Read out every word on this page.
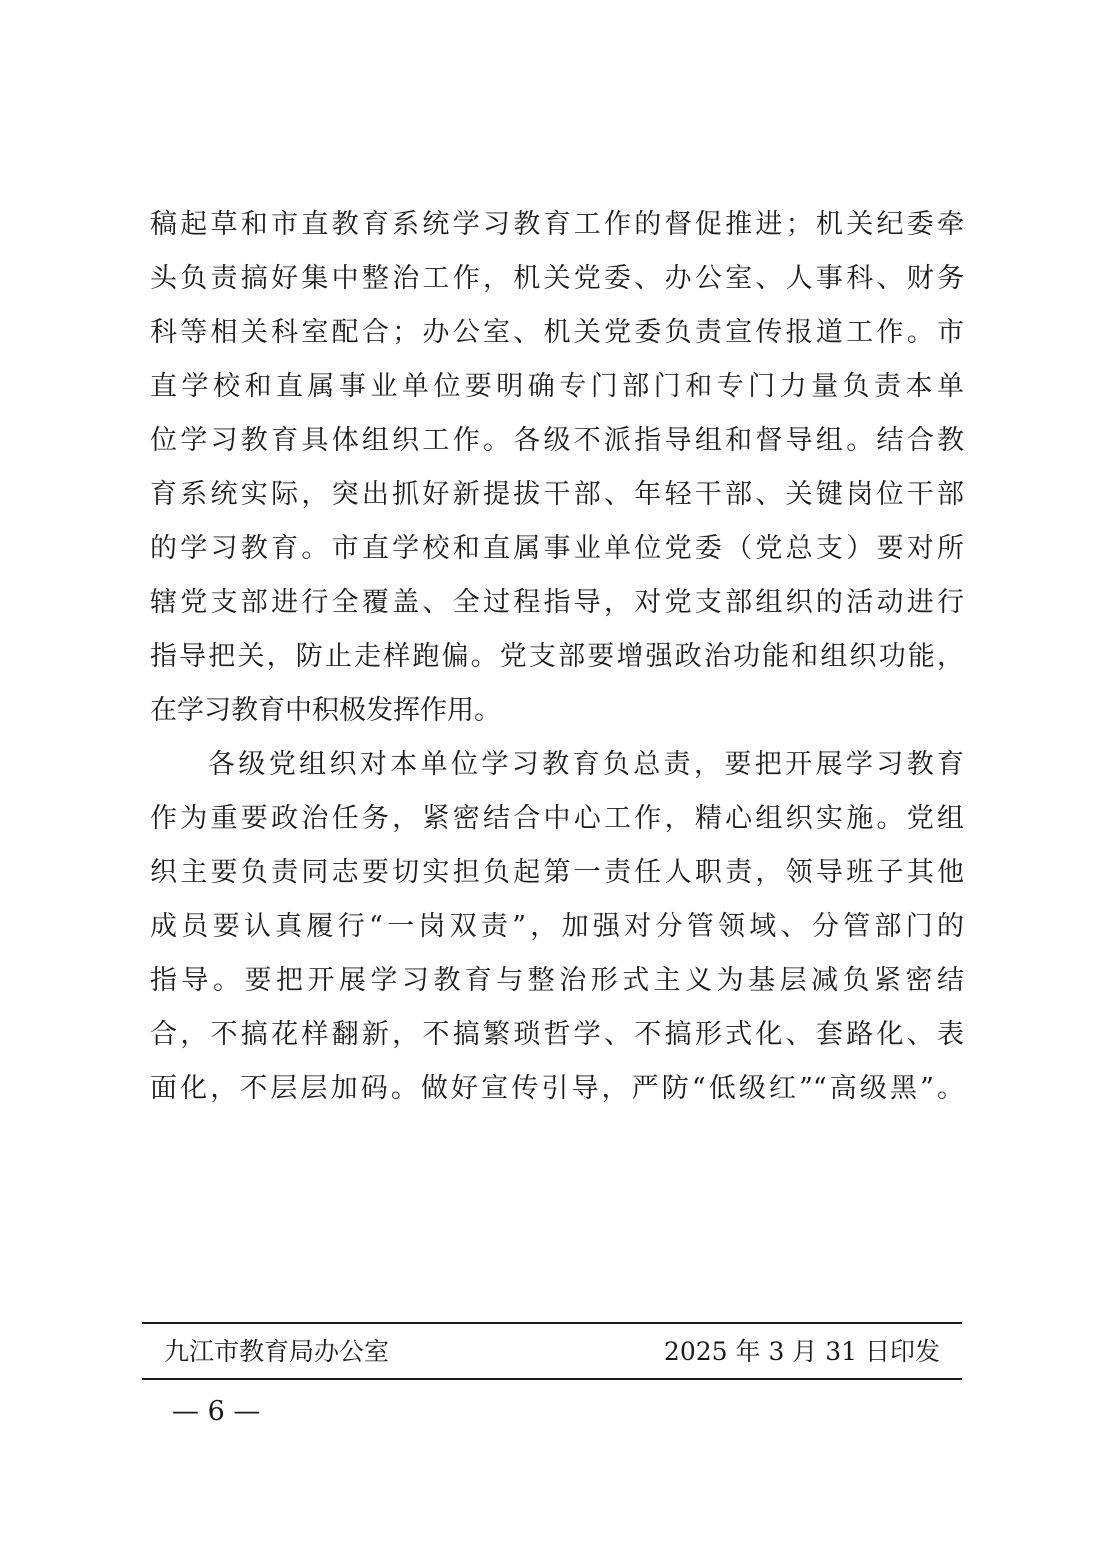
稿起草和市直教育系统学习教育工作的督促推进；机关纪委牵
头负责搞好集中整治工作，机关党委、办公室、人事科、财务
科等相关科室配合；办公室、机关党委负责宣传报道工作。市
直学校和直属事业单位要明确专门部门和专门力量负责本单
位学习教育具体组织工作。各级不派指导组和督导组。结合教
育系统实际，突出抓好新提拔干部、年轻干部、关键岗位干部
的学习教育。市直学校和直属事业单位党委（党总支）要对所
辖党支部进行全覆盖、全过程指导，对党支部组织的活动进行
指导把关，防止走样跑偏。党支部要增强政治功能和组织功能，
在学习教育中积极发挥作用。
各级党组织对本单位学习教育负总责，要把开展学习教育
作为重要政治任务，紧密结合中心工作，精心组织实施。党组
织主要负责同志要切实担负起第一责任人职责，领导班子其他
成员要认真履行“一岗双责”，加强对分管领域、分管部门的
指导。要把开展学习教育与整治形式主义为基层减负紧密结
合，不搞花样翻新，不搞繁琐哲学、不搞形式化、套路化、表
面化，不层层加码。做好宣传引导，严防“低级红”“高级黑”。
九江市教育局办公室	2025 年 3 月 31 日印发
— 6 —
